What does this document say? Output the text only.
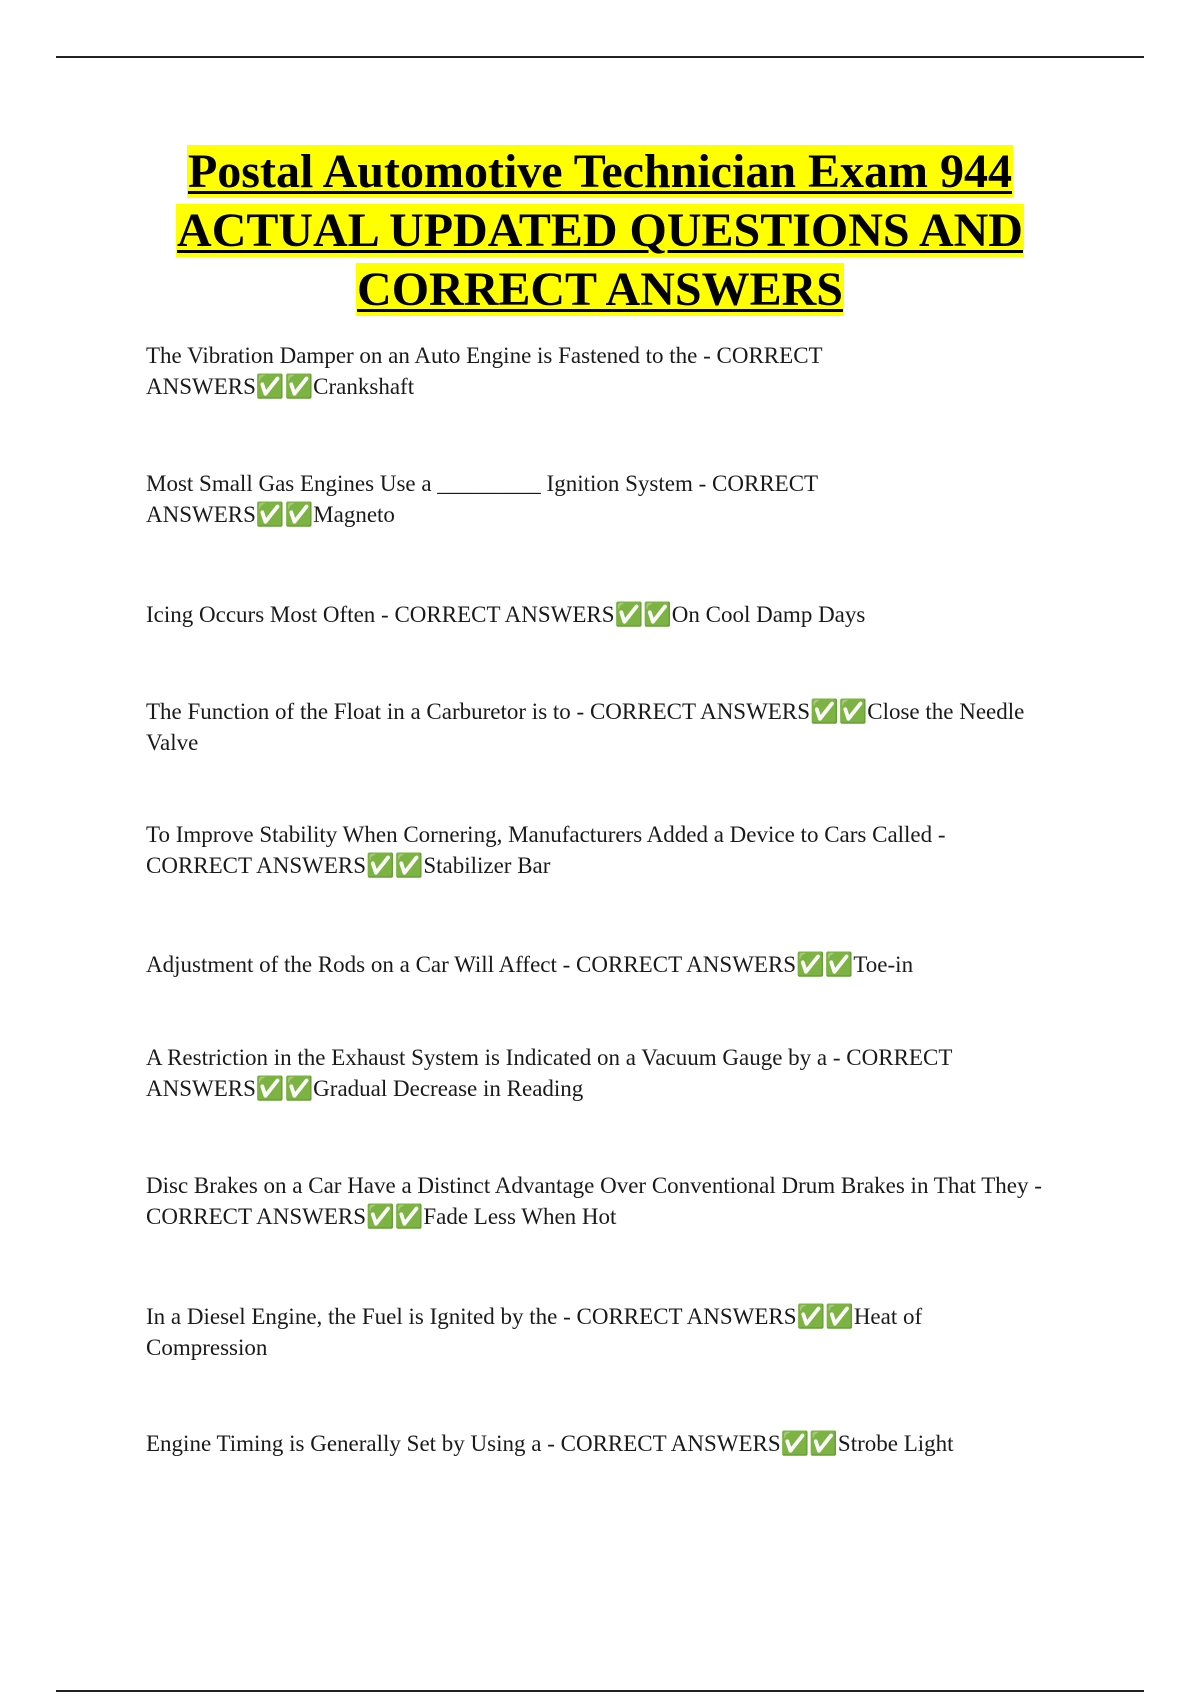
Postal Automotive Technician Exam 944
ACTUAL UPDATED QUESTIONS AND
CORRECT ANSWERS

The Vibration Damper on an Auto Engine is Fastened to the - CORRECT ANSWERS✅✅Crankshaft

Most Small Gas Engines Use a _________ Ignition System - CORRECT ANSWERS✅✅Magneto

Icing Occurs Most Often - CORRECT ANSWERS✅✅On Cool Damp Days

The Function of the Float in a Carburetor is to - CORRECT ANSWERS✅✅Close the Needle Valve

To Improve Stability When Cornering, Manufacturers Added a Device to Cars Called - CORRECT ANSWERS✅✅Stabilizer Bar

Adjustment of the Rods on a Car Will Affect - CORRECT ANSWERS✅✅Toe-in

A Restriction in the Exhaust System is Indicated on a Vacuum Gauge by a - CORRECT ANSWERS✅✅Gradual Decrease in Reading

Disc Brakes on a Car Have a Distinct Advantage Over Conventional Drum Brakes in That They - CORRECT ANSWERS✅✅Fade Less When Hot

In a Diesel Engine, the Fuel is Ignited by the - CORRECT ANSWERS✅✅Heat of Compression

Engine Timing is Generally Set by Using a - CORRECT ANSWERS✅✅Strobe Light
